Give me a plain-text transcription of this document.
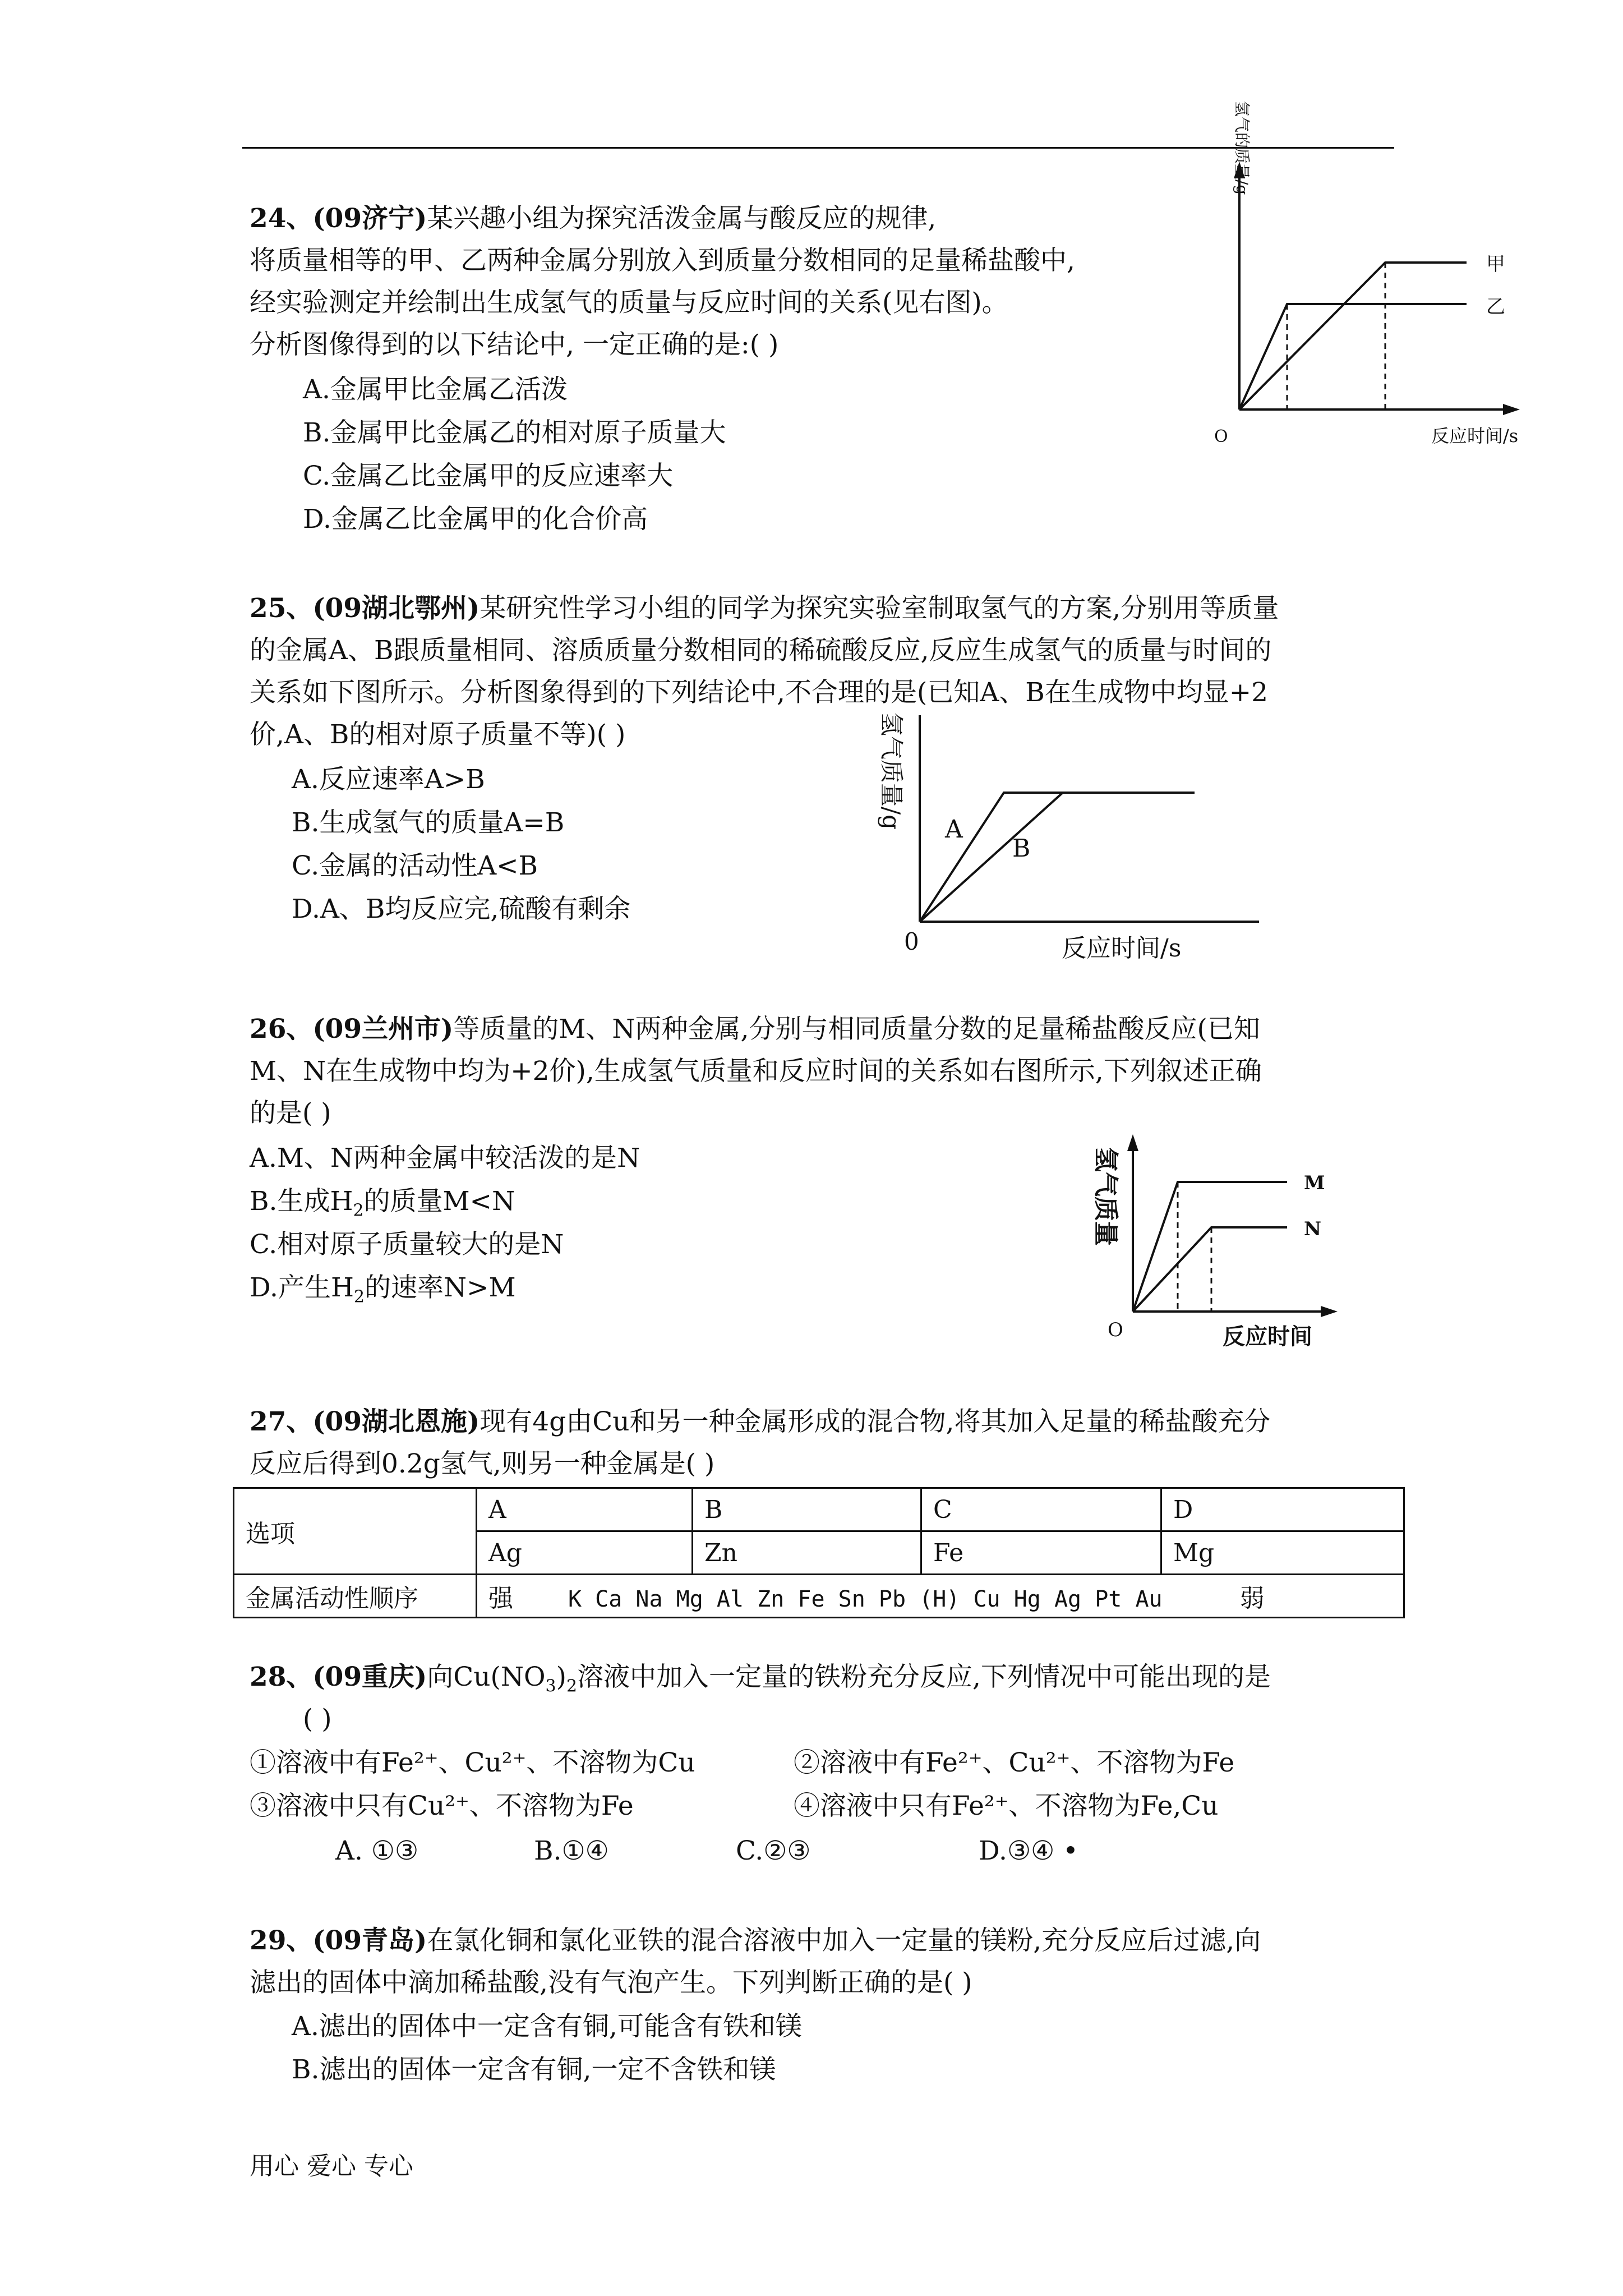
24、(09济宁)某兴趣小组为探究活泼金属与酸反应的规律,
将质量相等的甲、乙两种金属分别放入到质量分数相同的足量稀盐酸中,
经实验测定并绘制出生成氢气的质量与反应时间的关系(见右图)。
分析图像得到的以下结论中, 一定正确的是:( )
A.金属甲比金属乙活泼
B.金属甲比金属乙的相对原子质量大
C.金属乙比金属甲的反应速率大
D.金属乙比金属甲的化合价高
甲
乙
O	反应时间/s
氢气的质量/g
25、(09湖北鄂州)某研究性学习小组的同学为探究实验室制取氢气的方案,分别用等质量
的金属A、B跟质量相同、溶质质量分数相同的稀硫酸反应,反应生成氢气的质量与时间的
关系如下图所示。分析图象得到的下列结论中,不合理的是(已知A、B在生成物中均显+2
价,A、B的相对原子质量不等)( )
A.反应速率A>B
B.生成氢气的质量A=B
C.金属的活动性A<B
D.A、B均反应完,硫酸有剩余
A
B
0	反应时间/s
氢气质量/g
26、(09兰州市)等质量的M、N两种金属,分别与相同质量分数的足量稀盐酸反应(已知
M、N在生成物中均为+2价),生成氢气质量和反应时间的关系如右图所示,下列叙述正确
的是( )
A.M、N两种金属中较活泼的是N
B.生成$H_2$的质量M<N
C.相对原子质量较大的是N
D.产生$H_2$的速率N>M
M
N
O	反应时间
氢气质量
27、(09湖北恩施)现有4g由Cu和另一种金属形成的混合物,将其加入足量的稀盐酸充分
反应后得到0.2g氢气,则另一种金属是( )
选项	A	B	C	D
	Ag	Zn	Fe	Mg
金属活动性顺序	强 K Ca Na Mg Al Zn Fe Sn Pb (H) Cu Hg Ag Pt Au 弱			
28、(09重庆)向$Cu(NO_3)_2$溶液中加入一定量的铁粉充分反应,下列情况中可能出现的是
( )
①溶液中有Fe²⁺、Cu²⁺、不溶物为Cu	②溶液中有Fe²⁺、Cu²⁺、不溶物为Fe
③溶液中只有Cu²⁺、不溶物为Fe	④溶液中只有Fe²⁺、不溶物为Fe,Cu
A. ①③	B.①④	C.②③	D.③④ •
29、(09青岛)在氯化铜和氯化亚铁的混合溶液中加入一定量的镁粉,充分反应后过滤,向
滤出的固体中滴加稀盐酸,没有气泡产生。下列判断正确的是( )
A.滤出的固体中一定含有铜,可能含有铁和镁
B.滤出的固体一定含有铜,一定不含铁和镁
用心 爱心 专心
